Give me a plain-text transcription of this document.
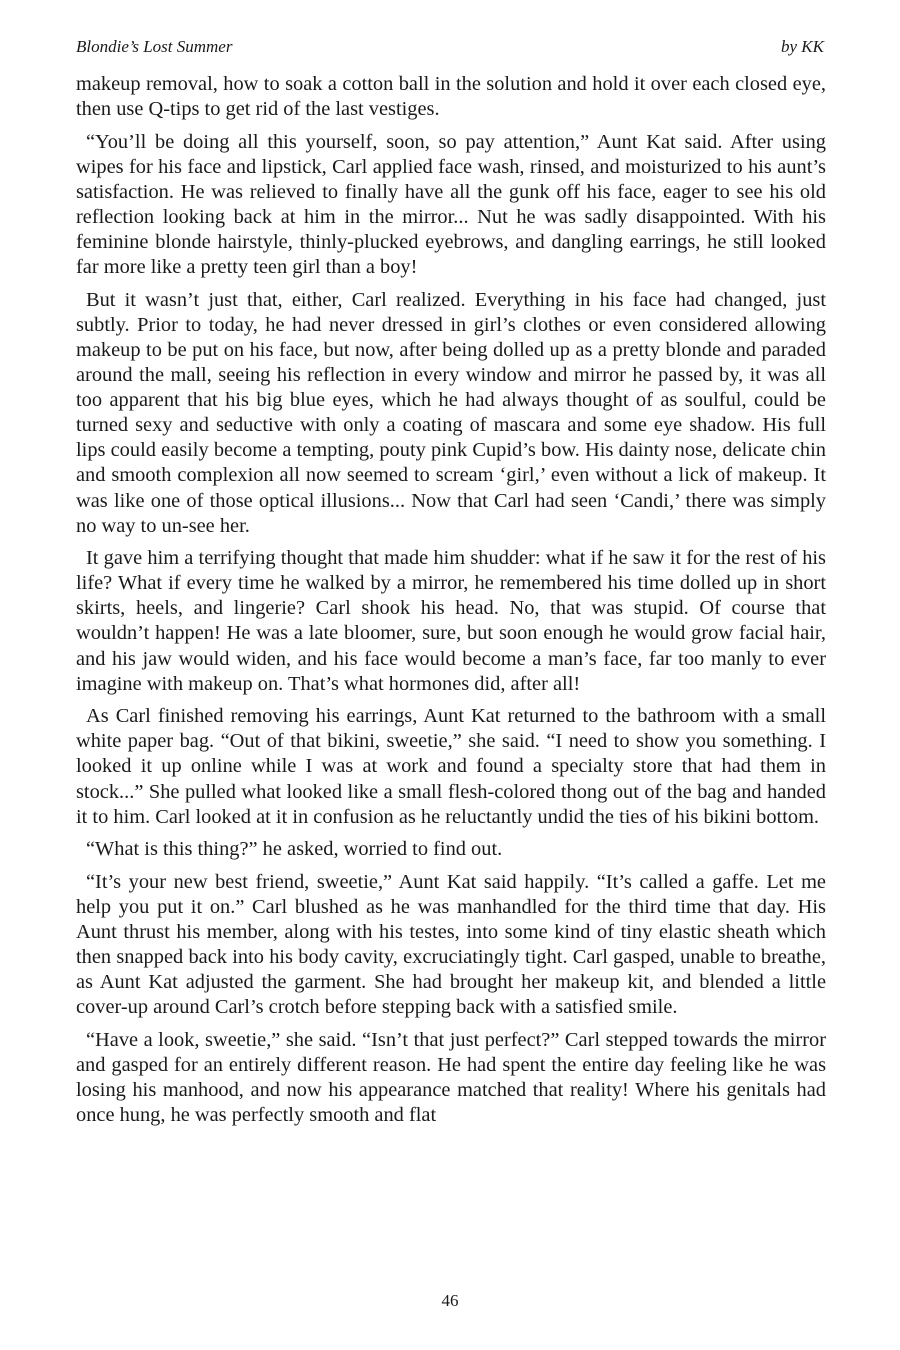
Blondie’s Lost Summer	by KK

makeup removal, how to soak a cotton ball in the solution and hold it over each closed eye, then use Q-tips to get rid of the last vestiges.

“You’ll be doing all this yourself, soon, so pay attention,” Aunt Kat said. After using wipes for his face and lipstick, Carl applied face wash, rinsed, and moisturized to his aunt’s satisfaction. He was relieved to finally have all the gunk off his face, eager to see his old reflection looking back at him in the mirror... Nut he was sadly disappointed. With his feminine blonde hairstyle, thinly-plucked eyebrows, and dangling earrings, he still looked far more like a pretty teen girl than a boy!

But it wasn’t just that, either, Carl realized. Everything in his face had changed, just subtly. Prior to today, he had never dressed in girl’s clothes or even considered allowing makeup to be put on his face, but now, after being dolled up as a pretty blonde and paraded around the mall, seeing his reflection in every window and mirror he passed by, it was all too apparent that his big blue eyes, which he had always thought of as soulful, could be turned sexy and seductive with only a coating of mascara and some eye shadow. His full lips could easily become a tempting, pouty pink Cupid’s bow. His dainty nose, delicate chin and smooth complexion all now seemed to scream ‘girl,’ even without a lick of makeup. It was like one of those optical illusions... Now that Carl had seen ‘Candi,’ there was simply no way to un-see her.

It gave him a terrifying thought that made him shudder: what if he saw it for the rest of his life? What if every time he walked by a mirror, he remembered his time dolled up in short skirts, heels, and lingerie? Carl shook his head. No, that was stupid. Of course that wouldn’t happen! He was a late bloomer, sure, but soon enough he would grow facial hair, and his jaw would widen, and his face would become a man’s face, far too manly to ever imagine with makeup on. That’s what hormones did, after all!

As Carl finished removing his earrings, Aunt Kat returned to the bathroom with a small white paper bag. “Out of that bikini, sweetie,” she said. “I need to show you something. I looked it up online while I was at work and found a specialty store that had them in stock...” She pulled what looked like a small flesh-colored thong out of the bag and handed it to him. Carl looked at it in confusion as he reluctantly undid the ties of his bikini bottom.

“What is this thing?” he asked, worried to find out.

“It’s your new best friend, sweetie,” Aunt Kat said happily. “It’s called a gaffe. Let me help you put it on.” Carl blushed as he was manhandled for the third time that day. His Aunt thrust his member, along with his testes, into some kind of tiny elastic sheath which then snapped back into his body cavity, excruciatingly tight. Carl gasped, unable to breathe, as Aunt Kat adjusted the garment. She had brought her makeup kit, and blended a little cover-up around Carl’s crotch before stepping back with a satisfied smile.

“Have a look, sweetie,” she said. “Isn’t that just perfect?” Carl stepped towards the mirror and gasped for an entirely different reason. He had spent the entire day feeling like he was losing his manhood, and now his appearance matched that reality! Where his genitals had once hung, he was perfectly smooth and flat

46
